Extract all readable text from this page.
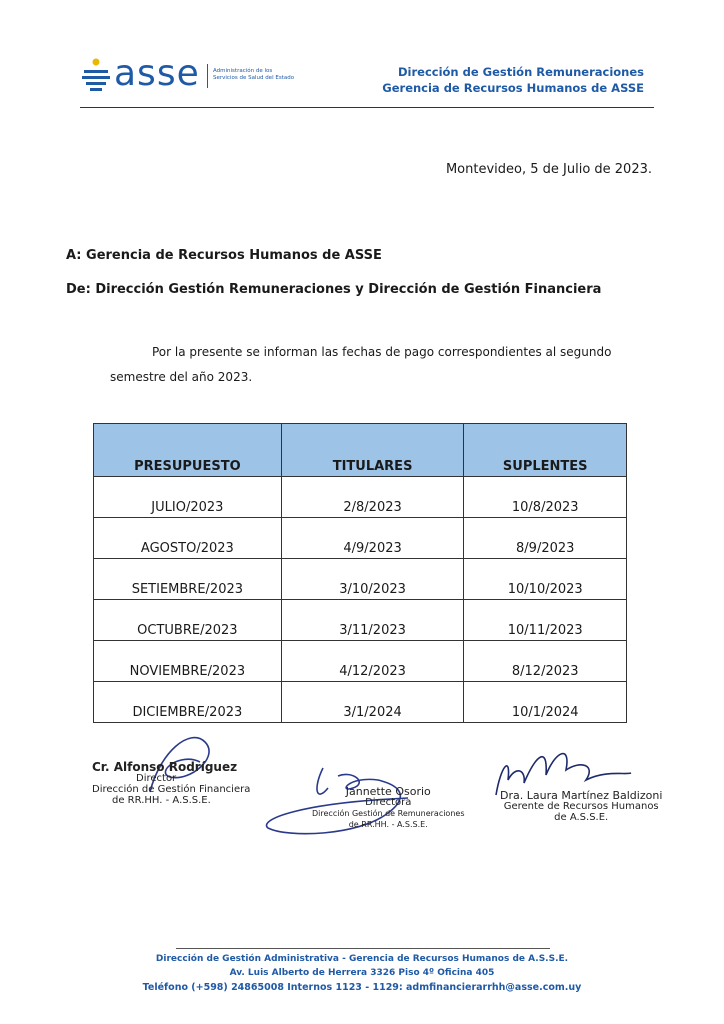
asse Administración de los
Servicios de Salud del Estado	Dirección de Gestión Remuneraciones
Gerencia de Recursos Humanos de ASSE
Montevideo, 5 de Julio de 2023.
A: Gerencia de Recursos Humanos de ASSE
De: Dirección Gestión Remuneraciones y Dirección de Gestión Financiera
Por la presente se informan las fechas de pago correspondientes al segundo
semestre del año 2023.
PRESUPUESTO	TITULARES	SUPLENTES
JULIO/2023	2/8/2023	10/8/2023
AGOSTO/2023	4/9/2023	8/9/2023
SETIEMBRE/2023	3/10/2023	10/10/2023
OCTUBRE/2023	3/11/2023	10/11/2023
NOVIEMBRE/2023	4/12/2023	8/12/2023
DICIEMBRE/2023	3/1/2024	10/1/2024
Cr. Alfonso Rodríguez
Director
Dirección de Gestión Financiera
de RR.HH. - A.S.S.E.
Jannette Osorio
Directora
Dirección Gestión de Remuneraciones
de RR.HH. - A.S.S.E.
Dra. Laura Martínez Baldizoni
Gerente de Recursos Humanos
de A.S.S.E.
Dirección de Gestión Administrativa - Gerencia de Recursos Humanos de A.S.S.E.
Av. Luis Alberto de Herrera 3326 Piso 4º Oficina 405
Teléfono (+598) 24865008 Internos 1123 - 1129: admfinancierarrhh@asse.com.uy
